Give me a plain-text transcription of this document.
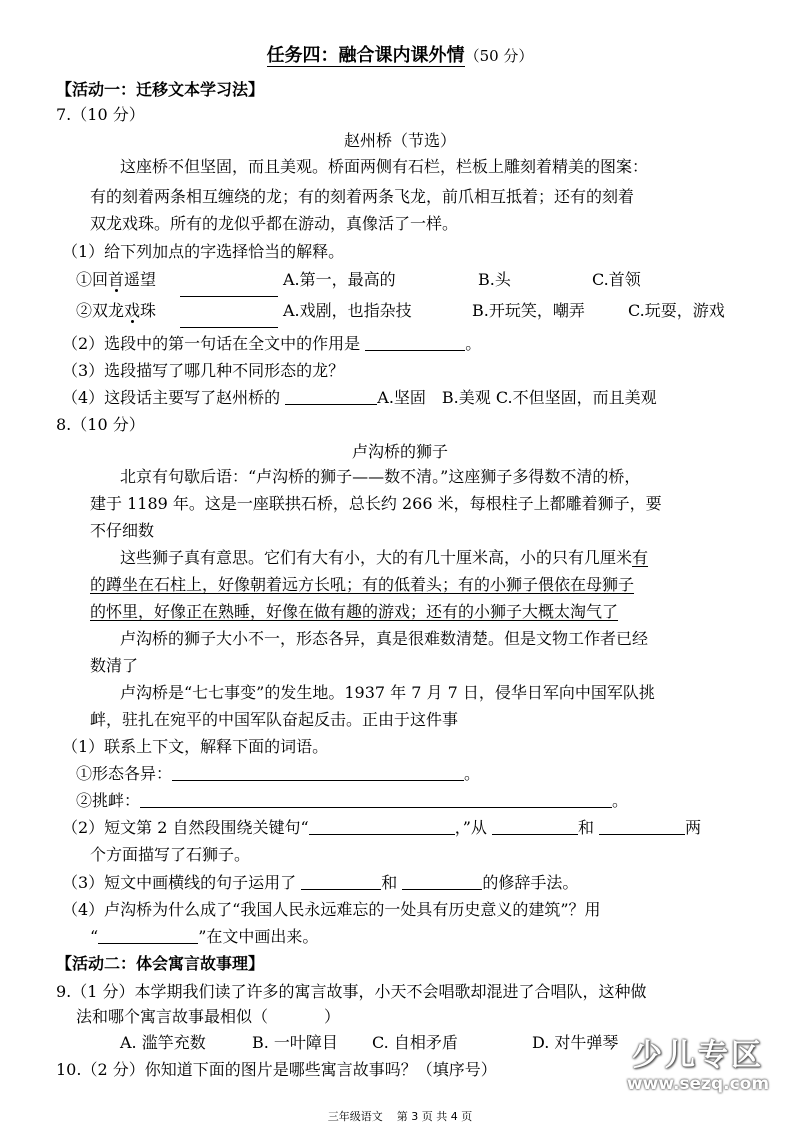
任务四：融合课内课外情（50 分）
【活动一：迁移文本学习法】
7.（10 分）
赵州桥（节选）
这座桥不但坚固，而且美观。桥面两侧有石栏，栏板上雕刻着精美的图案：
有的刻着两条相互缠绕的龙；有的刻着两条飞龙，前爪相互抵着；还有的刻着
双龙戏珠。所有的龙似乎都在游动，真像活了一样。
（1）给下列加点的字选择恰当的解释。
①回首遥望	A.第一，最高的	B.头	C.首领
②双龙戏珠	A.戏剧，也指杂技	B.开玩笑，嘲弄	C.玩耍，游戏
（2）选段中的第一句话在全文中的作用是	。
（3）选段描写了哪几种不同形态的龙？
（4）这段话主要写了赵州桥的	A.坚固　B.美观 C.不但坚固，而且美观
8.（10 分）
卢沟桥的狮子
北京有句歇后语：“卢沟桥的狮子——数不清。”这座狮子多得数不清的桥，
建于 1189 年。这是一座联拱石桥，总长约 266 米，每根柱子上都雕着狮子，要
不仔细数
这些狮子真有意思。它们有大有小，大的有几十厘米高，小的只有几厘米有
的蹲坐在石柱上，好像朝着远方长吼；有的低着头；有的小狮子偎依在母狮子
的怀里，好像正在熟睡，好像在做有趣的游戏；还有的小狮子大概太淘气了
卢沟桥的狮子大小不一，形态各异，真是很难数清楚。但是文物工作者已经
数清了
卢沟桥是“七七事变”的发生地。1937 年 7 月 7 日，侵华日军向中国军队挑
衅，驻扎在宛平的中国军队奋起反击。正由于这件事
（1）联系上下文，解释下面的词语。
①形态各异：	。
②挑衅：	。
（2）短文第 2 自然段围绕关键句“	，”从	和	两
个方面描写了石狮子。
（3）短文中画横线的句子运用了	和	的修辞手法。
（4）卢沟桥为什么成了“我国人民永远难忘的一处具有历史意义的建筑”？用
“	”在文中画出来。
【活动二：体会寓言故事理】
9.（1 分）本学期我们读了许多的寓言故事，小天不会唱歌却混进了合唱队，这种做
法和哪个寓言故事最相似（	）
A. 滥竽充数	B. 一叶障目 C. 自相矛盾	D. 对牛弹琴
10.（2 分）你知道下面的图片是哪些寓言故事吗？（填序号）
三年级语文 第 3 页 共 4 页
少儿专区
www.sezq.com
